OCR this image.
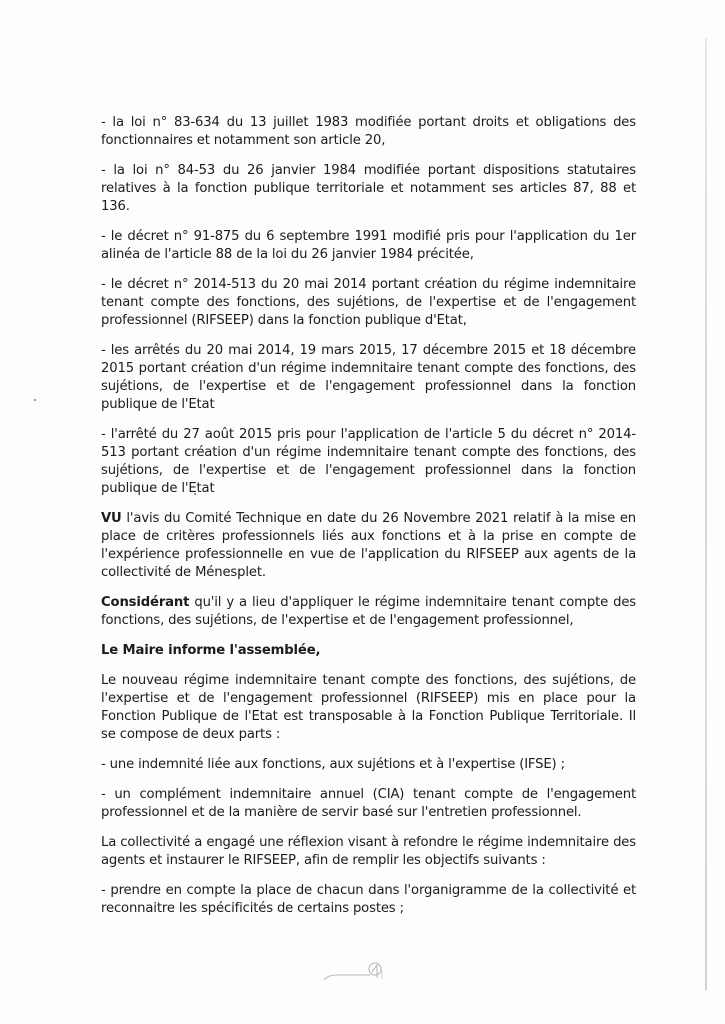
- la loi n° 83-634 du 13 juillet 1983 modifiée portant droits et obligations des fonctionnaires et notamment son article 20,

- la loi n° 84-53 du 26 janvier 1984 modifiée portant dispositions statutaires relatives à la fonction publique territoriale et notamment ses articles 87, 88 et 136.

- le décret n° 91-875 du 6 septembre 1991 modifié pris pour l'application du 1er alinéa de l'article 88 de la loi du 26 janvier 1984 précitée,

- le décret n° 2014-513 du 20 mai 2014 portant création du régime indemnitaire tenant compte des fonctions, des sujétions, de l'expertise et de l'engagement professionnel (RIFSEEP) dans la fonction publique d'Etat,

- les arrêtés du 20 mai 2014, 19 mars 2015, 17 décembre 2015 et 18 décembre 2015 portant création d'un régime indemnitaire tenant compte des fonctions, des sujétions, de l'expertise et de l'engagement professionnel dans la fonction publique de l'Etat

- l'arrêté du 27 août 2015 pris pour l'application de l'article 5 du décret n° 2014-513 portant création d'un régime indemnitaire tenant compte des fonctions, des sujétions, de l'expertise et de l'engagement professionnel dans la fonction publique de l'Etat

VU l'avis du Comité Technique en date du 26 Novembre 2021 relatif à la mise en place de critères professionnels liés aux fonctions et à la prise en compte de l'expérience professionnelle en vue de l'application du RIFSEEP aux agents de la collectivité de Ménesplet.

Considérant qu'il y a lieu d'appliquer le régime indemnitaire tenant compte des fonctions, des sujétions, de l'expertise et de l'engagement professionnel,

Le Maire informe l'assemblée,

Le nouveau régime indemnitaire tenant compte des fonctions, des sujétions, de l'expertise et de l'engagement professionnel (RIFSEEP) mis en place pour la Fonction Publique de l'Etat est transposable à la Fonction Publique Territoriale. Il se compose de deux parts :

- une indemnité liée aux fonctions, aux sujétions et à l'expertise (IFSE) ;

- un complément indemnitaire annuel (CIA) tenant compte de l'engagement professionnel et de la manière de servir basé sur l'entretien professionnel.

La collectivité a engagé une réflexion visant à refondre le régime indemnitaire des agents et instaurer le RIFSEEP, afin de remplir les objectifs suivants :

- prendre en compte la place de chacun dans l'organigramme de la collectivité et reconnaitre les spécificités de certains postes ;
